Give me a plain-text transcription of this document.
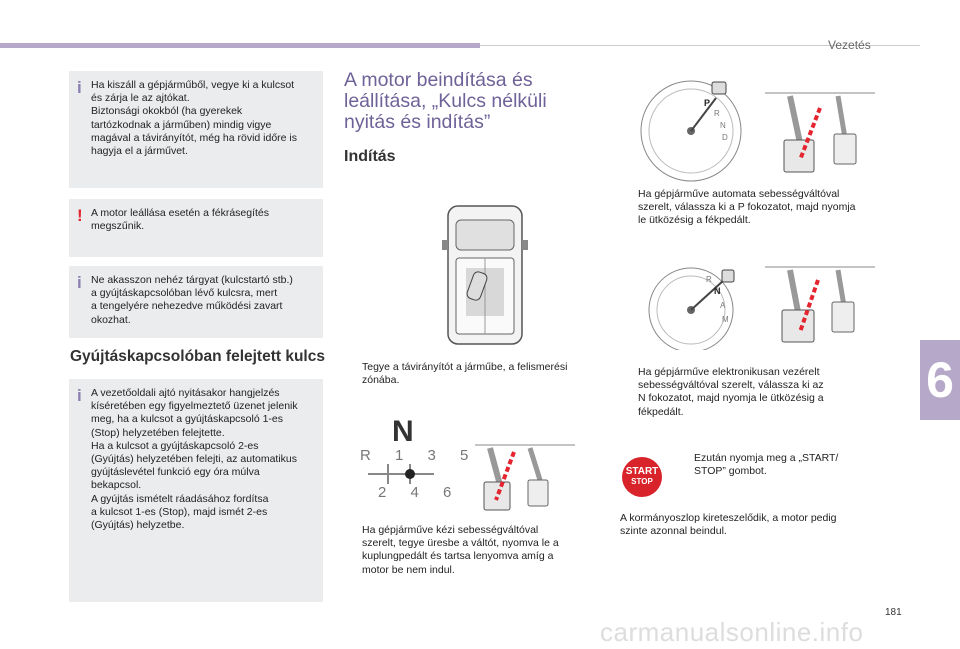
Vezetés
6
181
i Ha kiszáll a gépjárműből, vegye ki a kulcsot

és zárja le az ajtókat.

Biztonsági okokból (ha gyerekek

tartózkodnak a járműben) mindig vigye

magával a távirányítót, még ha rövid időre is

hagyja el a járművet.

! A motor leállása esetén a fékrásegítés

megszűnik.

i Ne akasszon nehéz tárgyat (kulcstartó stb.)

a gyújtáskapcsolóban lévő kulcsra, mert

a tengelyére nehezedve működési zavart

okozhat.

Gyújtáskapcsolóban felejtett kulcs
i A vezetőoldali ajtó nyitásakor hangjelzés

kíséretében egy figyelmeztető üzenet jelenik

meg, ha a kulcsot a gyújtáskapcsoló 1-es

(Stop) helyzetében felejtette.

Ha a kulcsot a gyújtáskapcsoló 2-es

(Gyújtás) helyzetében felejti, az automatikus

gyújtáslevétel funkció egy óra múlva

bekapcsol.

A gyújtás ismételt ráadásához fordítsa

a kulcsot 1-es (Stop), majd ismét 2-es

(Gyújtás) helyzetbe.

A motor beindítása és
leállítása, „Kulcs nélküli
nyitás és indítás”
Indítás
Tegye a távirányítót a járműbe, a felismerési
zónába.
N
R 1 3 5
2 4 6
Ha gépjárműve kézi sebességváltóval
szerelt, tegye üresbe a váltót, nyomva le a
kuplungpedált és tartsa lenyomva amíg a
motor be nem indul.
P
R
N
D
Ha gépjárműve automata sebességváltóval
szerelt, válassza ki a P fokozatot, majd nyomja
le ütközésig a fékpedált.
R
N
A
M
Ha gépjárműve elektronikusan vezérelt
sebességváltóval szerelt, válassza ki az
N fokozatot, majd nyomja le ütközésig a
fékpedált.
START
STOP
Ezután nyomja meg a „START/
STOP” gombot.
A kormányoszlop kireteszelődik, a motor pedig
szinte azonnal beindul.
carmanualsonline.info
